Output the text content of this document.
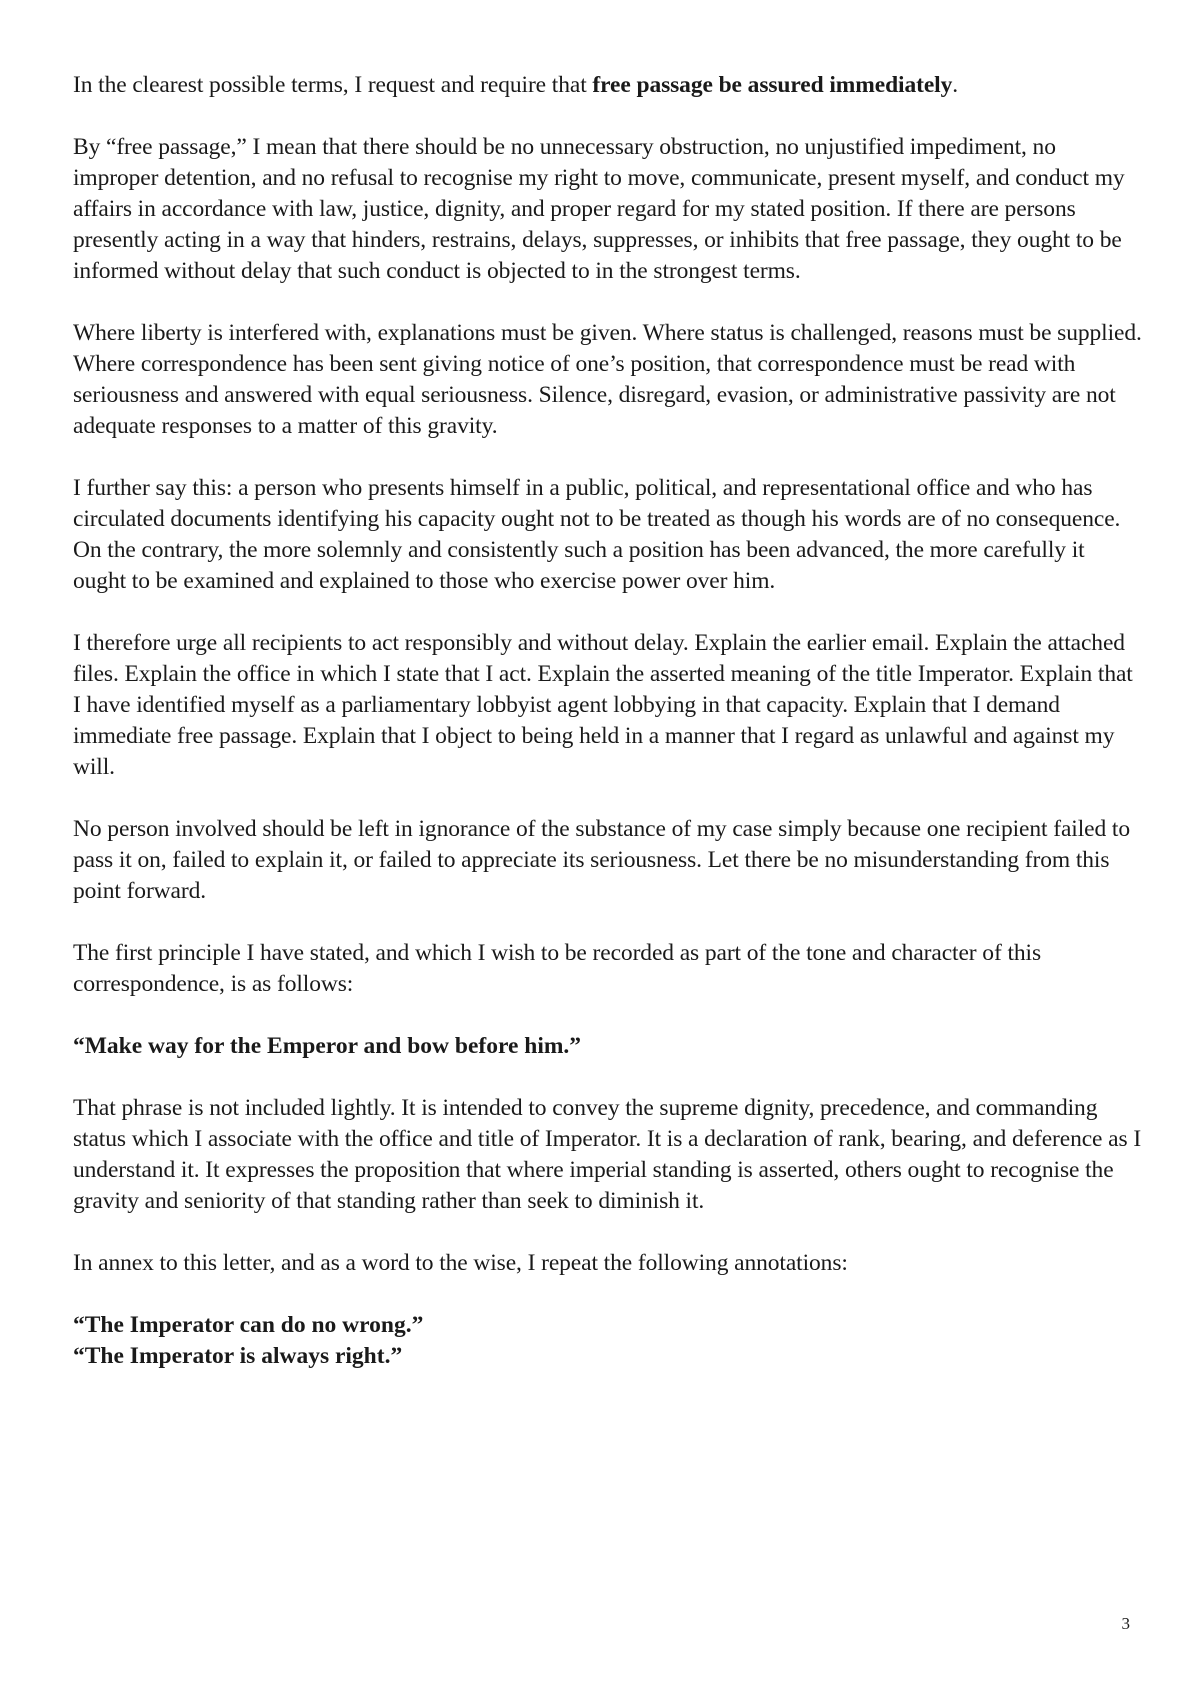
In the clearest possible terms, I request and require that free passage be assured immediately.

By “free passage,” I mean that there should be no unnecessary obstruction, no unjustified impediment, no improper detention, and no refusal to recognise my right to move, communicate, present myself, and conduct my affairs in accordance with law, justice, dignity, and proper regard for my stated position. If there are persons presently acting in a way that hinders, restrains, delays, suppresses, or inhibits that free passage, they ought to be informed without delay that such conduct is objected to in the strongest terms.

Where liberty is interfered with, explanations must be given. Where status is challenged, reasons must be supplied. Where correspondence has been sent giving notice of one’s position, that correspondence must be read with seriousness and answered with equal seriousness. Silence, disregard, evasion, or administrative passivity are not adequate responses to a matter of this gravity.

I further say this: a person who presents himself in a public, political, and representational office and who has circulated documents identifying his capacity ought not to be treated as though his words are of no consequence. On the contrary, the more solemnly and consistently such a position has been advanced, the more carefully it ought to be examined and explained to those who exercise power over him.

I therefore urge all recipients to act responsibly and without delay. Explain the earlier email. Explain the attached files. Explain the office in which I state that I act. Explain the asserted meaning of the title Imperator. Explain that I have identified myself as a parliamentary lobbyist agent lobbying in that capacity. Explain that I demand immediate free passage. Explain that I object to being held in a manner that I regard as unlawful and against my will.

No person involved should be left in ignorance of the substance of my case simply because one recipient failed to pass it on, failed to explain it, or failed to appreciate its seriousness. Let there be no misunderstanding from this point forward.

The first principle I have stated, and which I wish to be recorded as part of the tone and character of this correspondence, is as follows:

“Make way for the Emperor and bow before him.”

That phrase is not included lightly. It is intended to convey the supreme dignity, precedence, and commanding status which I associate with the office and title of Imperator. It is a declaration of rank, bearing, and deference as I understand it. It expresses the proposition that where imperial standing is asserted, others ought to recognise the gravity and seniority of that standing rather than seek to diminish it.

In annex to this letter, and as a word to the wise, I repeat the following annotations:

“The Imperator can do no wrong.”
“The Imperator is always right.”
3
